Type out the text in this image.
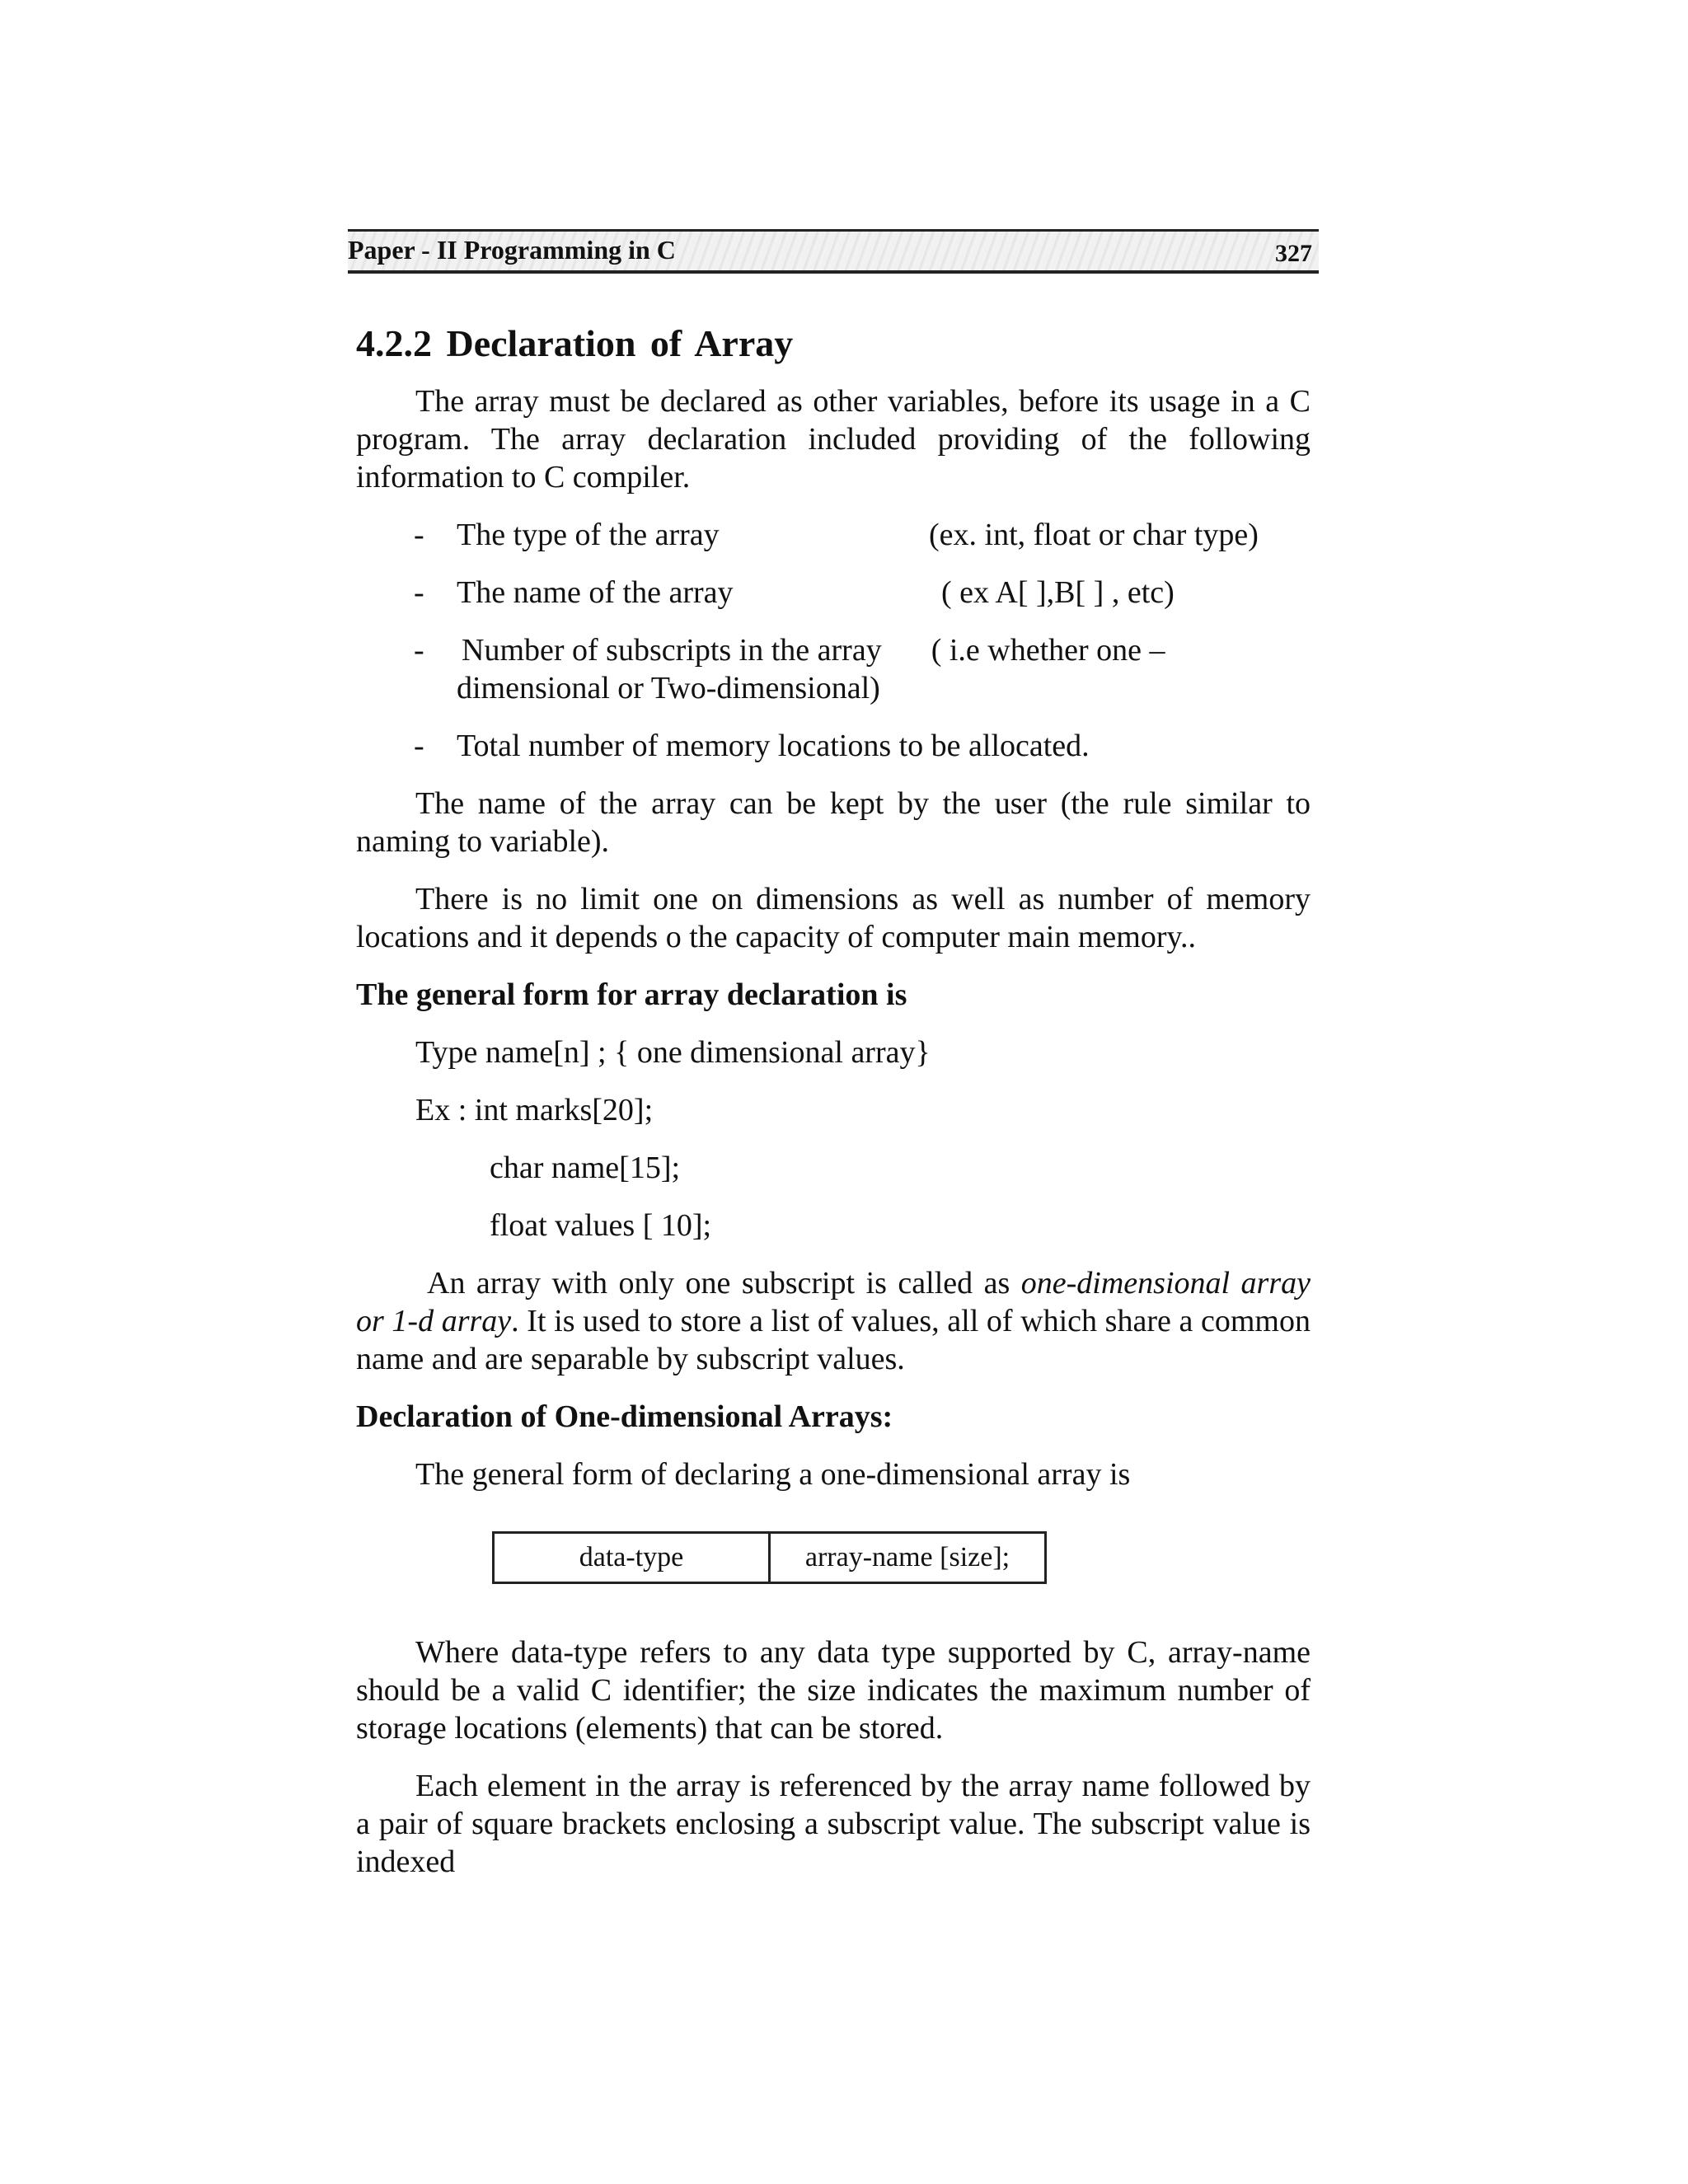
Paper - II Programming in C	327
4.2.2 Declaration of Array

The array must be declared as other variables, before its usage in a C program. The array declaration included providing of the following information to C compiler.

-	The type of the array	(ex. int, float or char type)
-	The name of the array	( ex A[ ],B[ ] , etc)
-	Number of subscripts in the array ( i.e whether one – dimensional or Two-dimensional)
-	Total number of memory locations to be allocated.

The name of the array can be kept by the user (the rule similar to naming to variable).

There is no limit one on dimensions as well as number of memory locations and it depends o the capacity of computer main memory..

The general form for array declaration is
Type name[n] ; { one dimensional array}
Ex : int marks[20];
char name[15];
float values [ 10];

An array with only one subscript is called as one-dimensional array or 1-d array. It is used to store a list of values, all of which share a common name and are separable by subscript values.

Declaration of One-dimensional Arrays:
The general form of declaring a one-dimensional array is
data-type	array-name [size];

Where data-type refers to any data type supported by C, array-name should be a valid C identifier; the size indicates the maximum number of storage locations (elements) that can be stored.

Each element in the array is referenced by the array name followed by a pair of square brackets enclosing a subscript value. The subscript value is indexed
